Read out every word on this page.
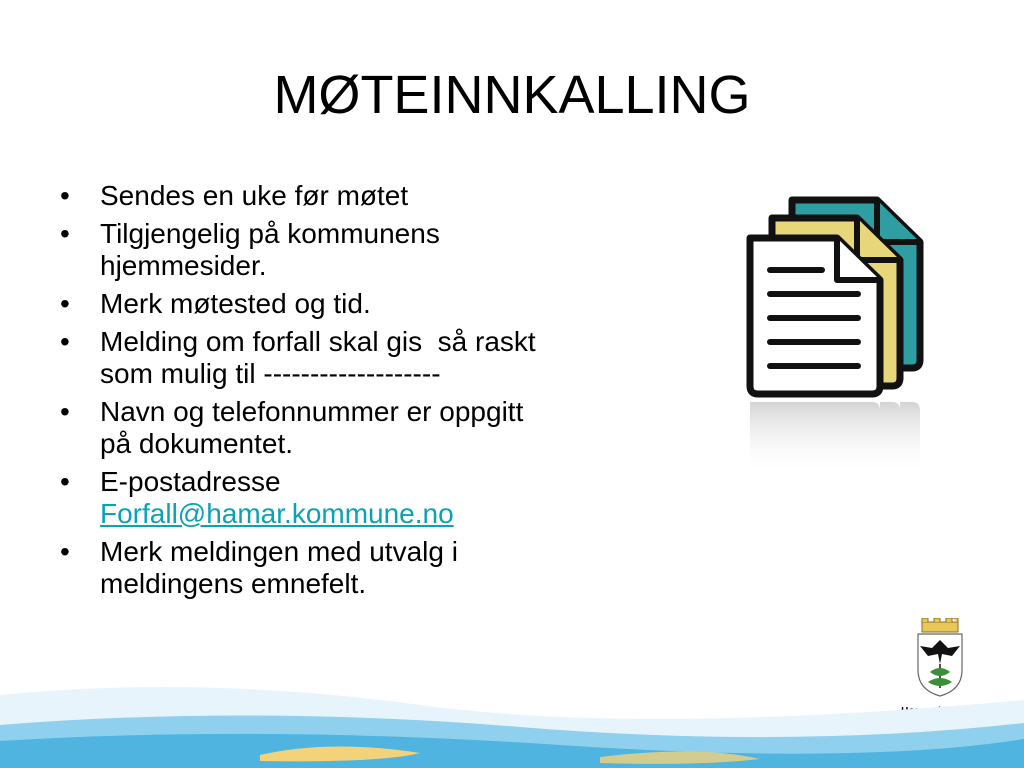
MØTEINNKALLING
• Sendes en uke før møtet
• Tilgjengelig på kommunens
hjemmesider.
• Merk møtested og tid.
• Melding om forfall skal gis  så raskt
som mulig til -------------------
• Navn og telefonnummer er oppgitt
på dokumentet.
• E-postadresse
Forfall@hamar.kommune.no
• Merk meldingen med utvalg i
meldingens emnefelt.
